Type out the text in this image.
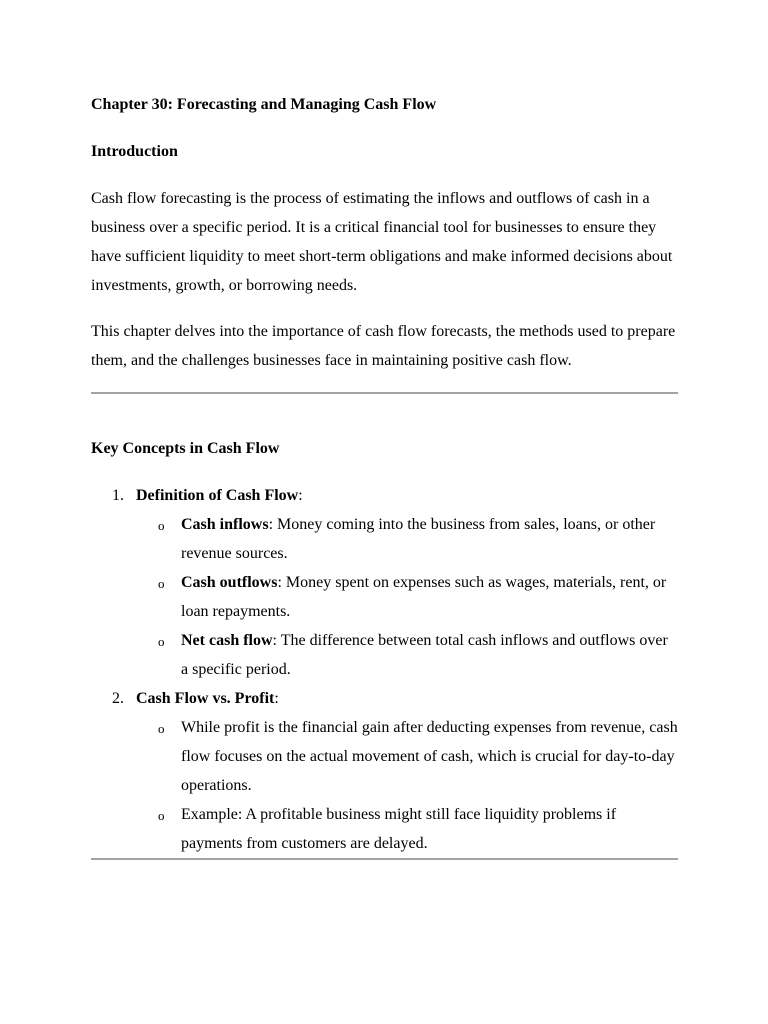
Chapter 30: Forecasting and Managing Cash Flow
Introduction

Cash flow forecasting is the process of estimating the inflows and outflows of cash in a business over a specific period. It is a critical financial tool for businesses to ensure they have sufficient liquidity to meet short-term obligations and make informed decisions about investments, growth, or borrowing needs.

This chapter delves into the importance of cash flow forecasts, the methods used to prepare them, and the challenges businesses face in maintaining positive cash flow.

Key Concepts in Cash Flow
1. Definition of Cash Flow:
o Cash inflows: Money coming into the business from sales, loans, or other revenue sources.
o Cash outflows: Money spent on expenses such as wages, materials, rent, or loan repayments.
o Net cash flow: The difference between total cash inflows and outflows over a specific period.
2. Cash Flow vs. Profit:
o While profit is the financial gain after deducting expenses from revenue, cash flow focuses on the actual movement of cash, which is crucial for day-to-day operations.
o Example: A profitable business might still face liquidity problems if payments from customers are delayed.
